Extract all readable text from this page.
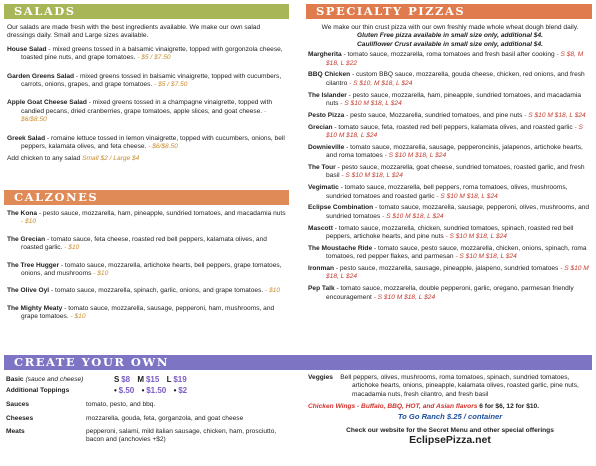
SALADS

Our salads are made fresh with the best ingredients available. We make our own salad dressings daily. Small and Large sizes available.

House Salad - mixed greens tossed in a balsamic vinaigrette, topped with gorgonzola cheese, toasted pine nuts, and grape tomatoes. - $5 / $7.50

Garden Greens Salad - mixed greens tossed in balsamic vinaigrette, topped with cucumbers, carrots, onions, grapes, and grape tomatoes. - $5 / $7.50

Apple Goat Cheese Salad - mixed greens tossed in a champagne vinaigrette, topped with candied pecans, dried cranberries, grape tomatoes, apple slices, and goat cheese. - $6/$8.50

Greek Salad - romaine lettuce tossed in lemon vinaigrette, topped with cucumbers, onions, bell peppers, kalamata olives, and feta cheese. - $6/$8.50

Add chicken to any salad Small $2 / Large $4

CALZONES

The Kona - pesto sauce, mozzarella, ham, pineapple, sundried tomatoes, and macadamia nuts - $10

The Grecian - tomato sauce, feta cheese, roasted red bell peppers, kalamata olives, and roasted garlic. - $10

The Tree Hugger - tomato sauce, mozzarella, artichoke hearts, bell peppers, grape tomatoes, onions, and mushrooms - $10

The Olive Oyl - tomato sauce, mozzarella, spinach, garlic, onions, and grape tomatoes. - $10

The Mighty Meaty - tomato sauce, mozzarella, sausage, pepperoni, ham, mushrooms, and grape tomatoes. - $10

SPECIALTY PIZZAS

We make our thin crust pizza with our own freshly made whole wheat dough blend daily.
Gluten Free pizza available in small size only, additional $4.
Cauliflower Crust available in small size only, additional $4.

Margherita - tomato sauce, mozzarella, roma tomatoes and fresh basil after cooking - S $8, M $18, L $22

BBQ Chicken - custom BBQ sauce, mozzarella, gouda cheese, chicken, red onions, and fresh cilantro - S $10, M $18, L $24

The Islander - pesto sauce, mozzarella, ham, pineapple, sundried tomatoes, and macadamia nuts - S $10 M $18, L $24

Pesto Pizza - pesto sauce, Mozzarella, sundried tomatoes, and pine nuts - S $10 M $18, L $24

Grecian - tomato sauce, feta, roasted red bell peppers, kalamata olives, and roasted garlic - S $10 M $18, L $24

Downieville - tomato sauce, mozzarella, sausage, pepperoncinis, jalapenos, artichoke hearts, and roma tomatoes - S $10 M $18, L $24

The Tour - pesto sauce, mozzarella, goat cheese, sundried tomatoes, roasted garlic, and fresh basil - S $10 M $18, L $24

Vegimatic - tomato sauce, mozzarella, bell peppers, roma tomatoes, olives, mushrooms, sundried tomatoes and roasted garlic - S $10 M $18, L $24

Eclipse Combination - tomato sauce, mozzarella, sausage, pepperoni, olives, mushrooms, and sundried tomatoes - S $10 M $18, L $24

Mascott - tomato sauce, mozzarella, chicken, sundried tomatoes, spinach, roasted red bell peppers, artichoke hearts, and pine nuts - S $10 M $18, L $24

The Moustache Ride - tomato sauce, pesto sauce, mozzarella, chicken, onions, spinach, roma tomatoes, red pepper flakes, and parmesan - S $10 M $18, L $24

Ironman - pesto sauce, mozzarella, sausage, pineapple, jalapeno, sundried tomatoes - S $10 M $18, L $24

Pep Talk - tomato sauce, mozzarella, double pepperoni, garlic, oregano, parmesan friendly encouragement - S $10 M $18, L $24

CREATE YOUR OWN
Basic (sauce and cheese)	S $8 M $15 L $19
Additional Toppings	• $.50 • $1.50 • $2
Sauces	tomato, pesto, and bbq.
Cheeses	mozzarella, gouda, feta, gorganzola, and goat cheese
Meats	pepperoni, salami, mild italian sausage, chicken, ham, prosciutto, bacon and (anchovies +$2)

Veggies Bell peppers, olives, mushrooms, roma tomatoes, spinach, sundried tomatoes, artichoke hearts, onions, pineapple, kalamata olives, roasted garlic, pine nuts, macadamia nuts, fresh cilantro, and fresh basil

Chicken Wings - Buffalo, BBQ, HOT, and Asian flavors 6 for $6, 12 for $10.

To Go Ranch $.25 / container

Check our website for the Secret Menu and other special offerings

EclipsePizza.net
